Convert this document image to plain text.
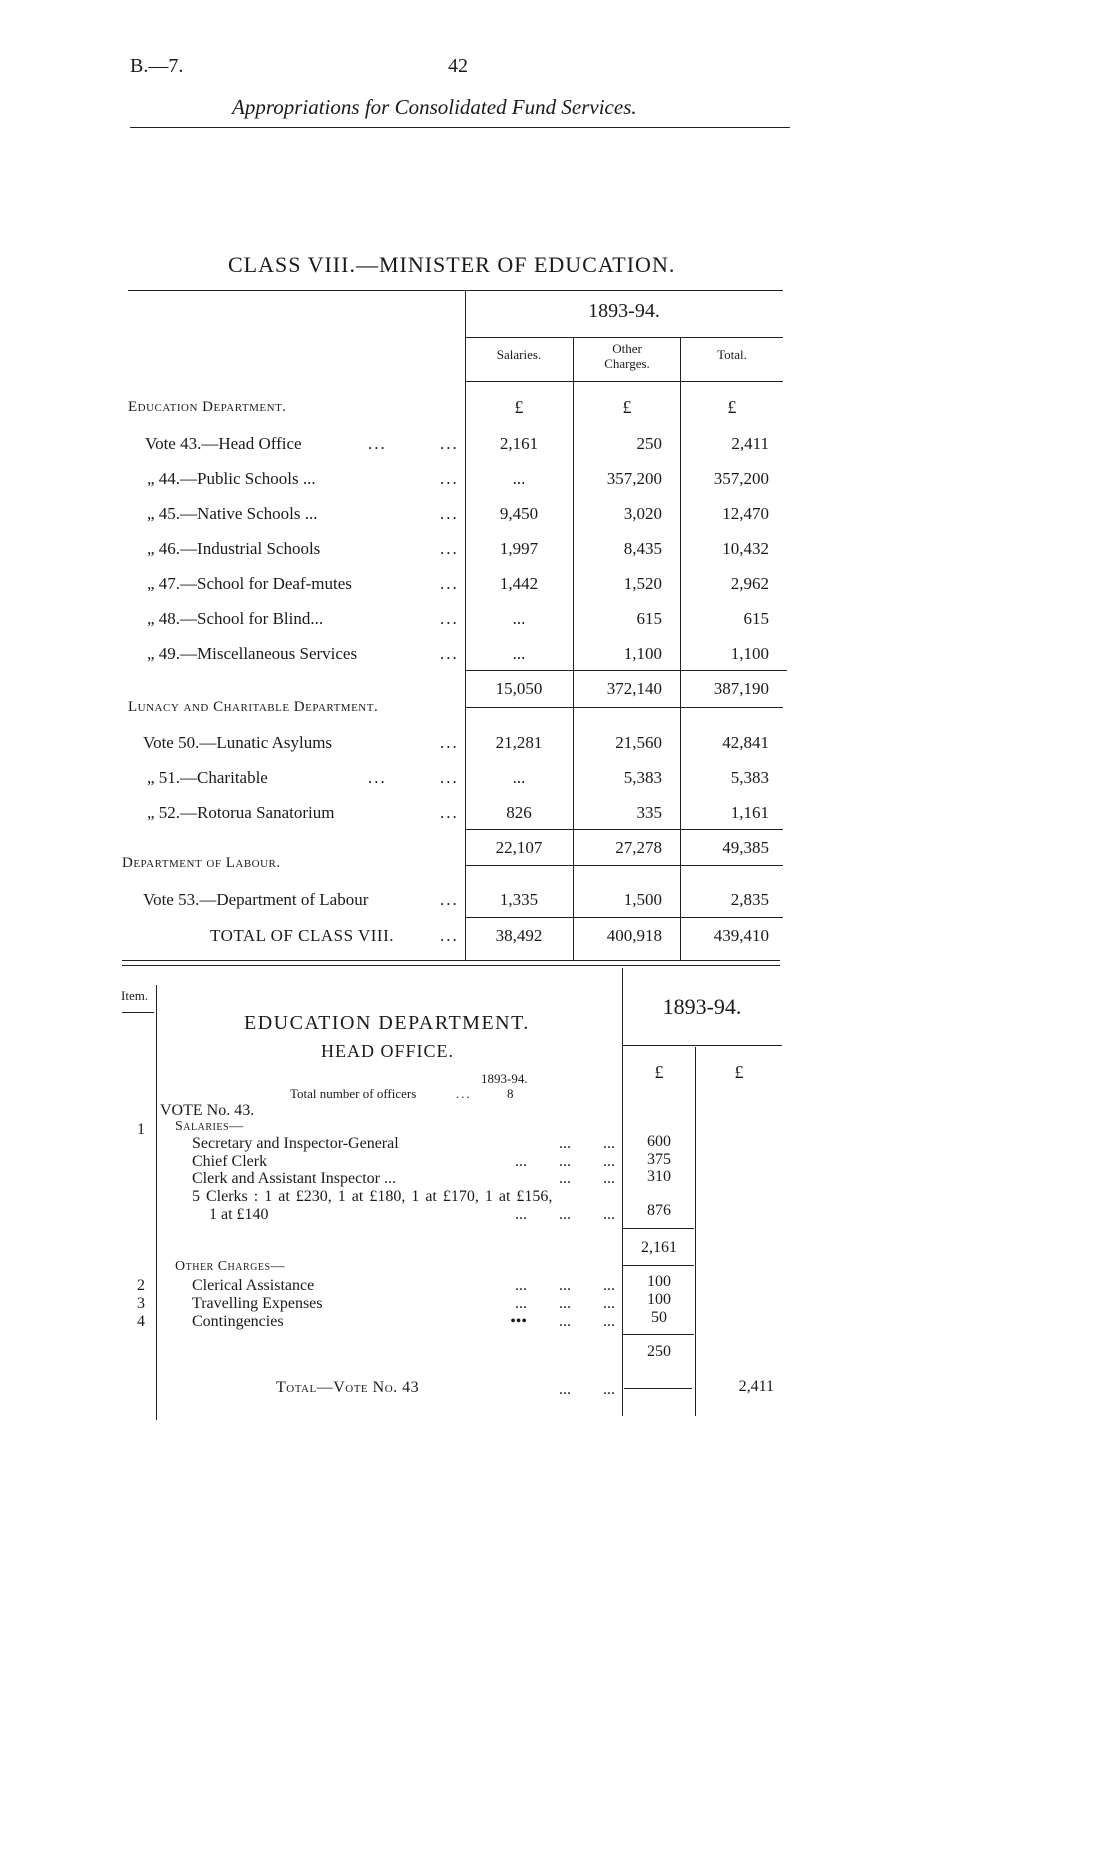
B.—7.	42
Appropriations for Consolidated Fund Services.
CLASS VIII.—MINISTER OF EDUCATION.
1893-94.
Salaries.	Other
Charges.
Total.
Education Department.	£	£	£
Vote 43.—Head Office	...	...	2,161	250	2,411
„ 44.—Public Schools ...	...	...	357,200	357,200
„ 45.—Native Schools ...	...	9,450	3,020	12,470
„ 46.—Industrial Schools	...	1,997	8,435	10,432
„ 47.—School for Deaf-mutes	...	1,442	1,520	2,962
„ 48.—School for Blind...	...	...	615	615
„ 49.—Miscellaneous Services	...	...	1,100	1,100
15,050	372,140	387,190
Lunacy and Charitable Department.
Vote 50.—Lunatic Asylums	...	21,281	21,560	42,841
„ 51.—Charitable	...	...	...	5,383	5,383
„ 52.—Rotorua Sanatorium	...	826	335	1,161
22,107	27,278	49,385
Department of Labour.
Vote 53.—Department of Labour	...	1,335	1,500	2,835
TOTAL OF CLASS VIII.	...	38,492	400,918	439,410
Item.
EDUCATION DEPARTMENT.
HEAD OFFICE.
1893-94.
£	£
1893-94.
Total number of officers	...	8
VOTE No. 43.
1 Salaries—
Secretary and Inspector-General	...        ...	600
Chief Clerk	...        ...        ...	375
Clerk and Assistant Inspector ...	...        ...	310
5 Clerks : 1 at £230, 1 at £180, 1 at £170, 1 at £156,
1 at £140	...        ...        ...	876
2,161
Other Charges—
2	Clerical Assistance	...        ...        ...	100
3	Travelling Expenses	...        ...        ...	100
4	Contingencies	•••        ...        ...	50
250
Total—Vote No. 43	...        ...	2,411
